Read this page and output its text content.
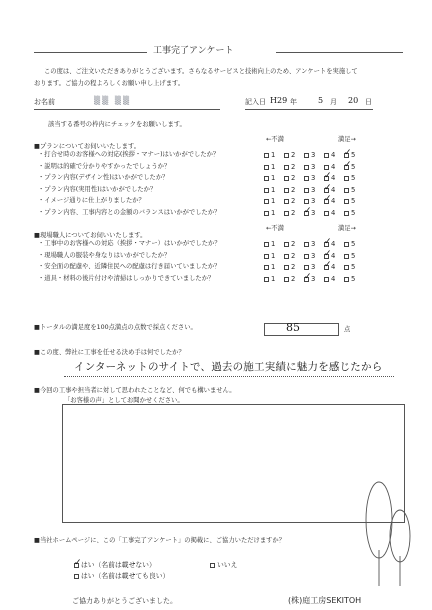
工事完了アンケート
この度は、ご注文いただきありがとうございます。さらなるサービスと技術向上のため、アンケートを実施して
おります。ご協力の程よろしくお願い申し上げます。
お名前	▒▒ ▒▒	記入日 H29 年	5 月 20 日
該当する番号の枠内にチェックをお願いします。
■プランについてお伺いいたします。
←不満	満足→
・打合せ時のお客様への対応(挨拶・マナー)はいかがでしたか？	1	2	3	4 ✓ 5
・説明は的確で分かりやすかったでしょうか？	1	2	3	4 ✓ 5
・プラン内容(デザイン性)はいかがでしたか？	1	2	3 ✓ 4	5
・プラン内容(実用性)はいかがでしたか？	1	2	3 ✓ 4	5
・イメージ通りに仕上がりましたか？	1	2	3 ✓ 4	5
・プラン内容、工事内容との金額のバランスはいかがでしたか？	1	2 ✓ 3	4	5
■現場職人についてお伺いいたします。
←不満	満足→
・工事中のお客様への対応（挨拶・マナー）はいかがでしたか？	1	2	3 ✓ 4	5
・現場職人の服装や身なりはいかがでしたか？	1	2	3 ✓ 4	5
・安全面の配慮や、近隣住民への配慮は行き届いていましたか？	1	2	3 ✓ 4	5
・道具・材料の後片付けや清掃はしっかりできていましたか？	1	2 ✓ 3	4	5
■トータルの満足度を100点満点の点数で採点ください。	85	点
■この度、弊社に工事を任せる決め手は何でしたか？
インターネットのサイトで、過去の施工実績に魅力を感じたから
■今回の工事や担当者に対して思われたことなど、何でも構いません。
「お客様の声」としてお聞かせください。
■当社ホームページに、この「工事完了アンケート」の掲載に、ご協力いただけますか？
✓ はい（名前は載せない）	いいえ
はい（名前は載せても良い）
ご協力ありがとうございました。	(株)庭工房SEKITOH
